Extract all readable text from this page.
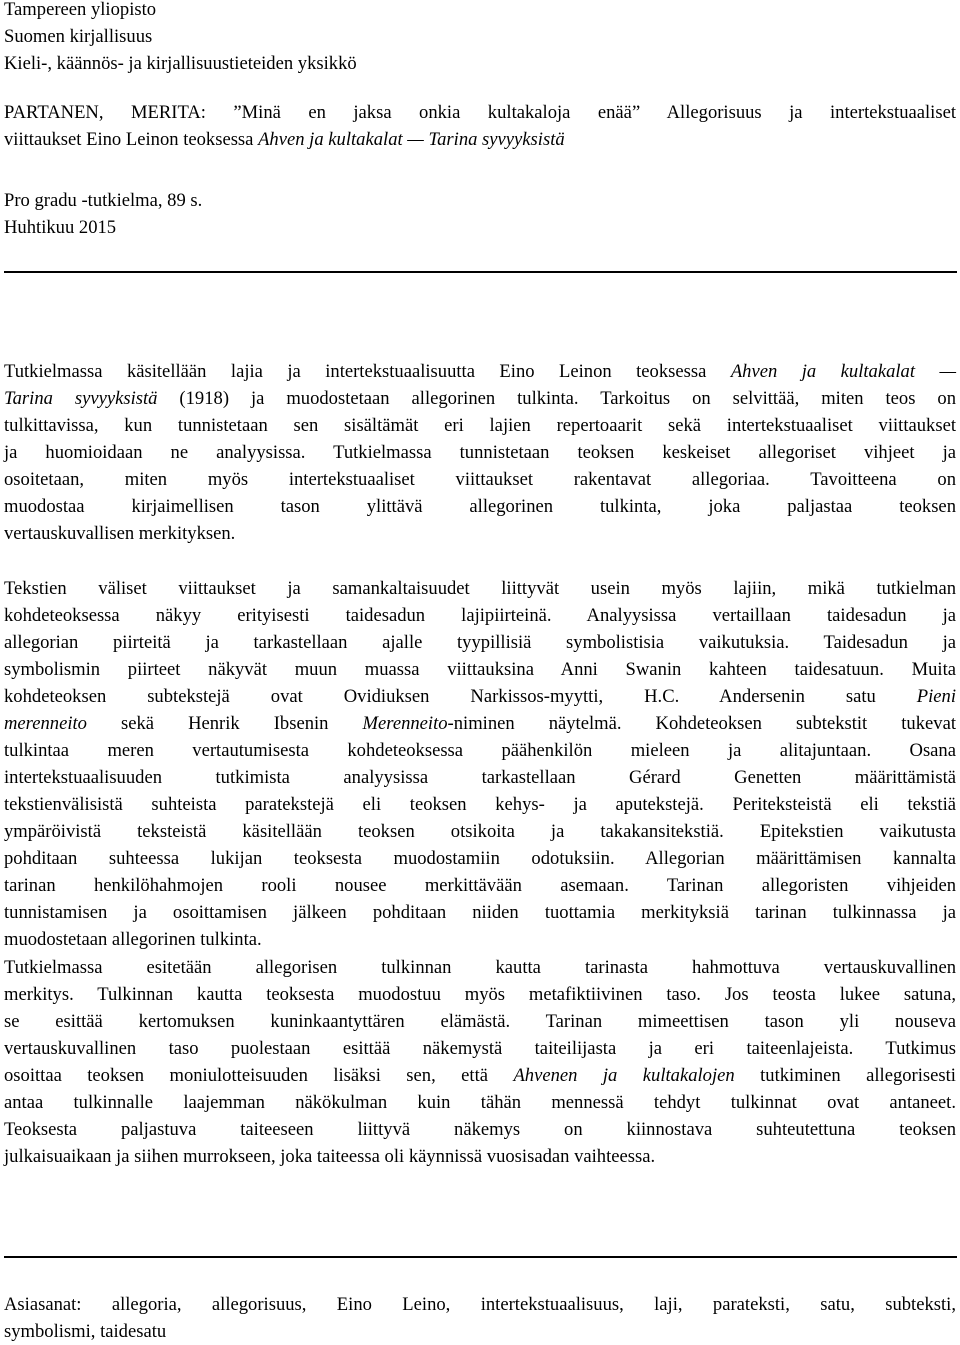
Tampereen yliopisto
Suomen kirjallisuus
Kieli-, käännös- ja kirjallisuustieteiden yksikkö
PARTANEN, MERITA: ”Minä en jaksa onkia kultakaloja enää” Allegorisuus ja intertekstuaaliset
viittaukset Eino Leinon teoksessa Ahven ja kultakalat — Tarina syvyyksistä
Pro gradu -tutkielma, 89 s.
Huhtikuu 2015
Tutkielmassa käsitellään lajia ja intertekstuaalisuutta Eino Leinon teoksessa Ahven ja kultakalat —
Tarina syvyyksistä (1918) ja muodostetaan allegorinen tulkinta. Tarkoitus on selvittää, miten teos on
tulkittavissa, kun tunnistetaan sen sisältämät eri lajien repertoaarit sekä intertekstuaaliset viittaukset
ja huomioidaan ne analyysissa. Tutkielmassa tunnistetaan teoksen keskeiset allegoriset vihjeet ja
osoitetaan, miten myös intertekstuaaliset viittaukset rakentavat allegoriaa. Tavoitteena on
muodostaa kirjaimellisen tason ylittävä allegorinen tulkinta, joka paljastaa teoksen
vertauskuvallisen merkityksen.
Tekstien väliset viittaukset ja samankaltaisuudet liittyvät usein myös lajiin, mikä tutkielman
kohdeteoksessa näkyy erityisesti taidesadun lajipiirteinä. Analyysissa vertaillaan taidesadun ja
allegorian piirteitä ja tarkastellaan ajalle tyypillisiä symbolistisia vaikutuksia. Taidesadun ja
symbolismin piirteet näkyvät muun muassa viittauksina Anni Swanin kahteen taidesatuun. Muita
kohdeteoksen subtekstejä ovat Ovidiuksen Narkissos-myytti, H.C. Andersenin satu Pieni
merenneito sekä Henrik Ibsenin Merenneito-niminen näytelmä. Kohdeteoksen subtekstit tukevat
tulkintaa meren vertautumisesta kohdeteoksessa päähenkilön mieleen ja alitajuntaan. Osana
intertekstuaalisuuden tutkimista analyysissa tarkastellaan Gérard Genetten määrittämistä
tekstienvälisistä suhteista paratekstejä eli teoksen kehys- ja aputekstejä. Periteksteistä eli tekstiä
ympäröivistä teksteistä käsitellään teoksen otsikoita ja takakansitekstiä. Epitekstien vaikutusta
pohditaan suhteessa lukijan teoksesta muodostamiin odotuksiin. Allegorian määrittämisen kannalta
tarinan henkilöhahmojen rooli nousee merkittävään asemaan. Tarinan allegoristen vihjeiden
tunnistamisen ja osoittamisen jälkeen pohditaan niiden tuottamia merkityksiä tarinan tulkinnassa ja
muodostetaan allegorinen tulkinta.
Tutkielmassa esitetään allegorisen tulkinnan kautta tarinasta hahmottuva vertauskuvallinen
merkitys. Tulkinnan kautta teoksesta muodostuu myös metafiktiivinen taso. Jos teosta lukee satuna,
se esittää kertomuksen kuninkaantyttären elämästä. Tarinan mimeettisen tason yli nouseva
vertauskuvallinen taso puolestaan esittää näkemystä taiteilijasta ja eri taiteenlajeista. Tutkimus
osoittaa teoksen moniulotteisuuden lisäksi sen, että Ahvenen ja kultakalojen tutkiminen allegorisesti
antaa tulkinnalle laajemman näkökulman kuin tähän mennessä tehdyt tulkinnat ovat antaneet.
Teoksesta paljastuva taiteeseen liittyvä näkemys on kiinnostava suhteutettuna teoksen
julkaisuaikaan ja siihen murrokseen, joka taiteessa oli käynnissä vuosisadan vaihteessa.
Asiasanat: allegoria, allegorisuus, Eino Leino, intertekstuaalisuus, laji, parateksti, satu, subteksti,
symbolismi, taidesatu
